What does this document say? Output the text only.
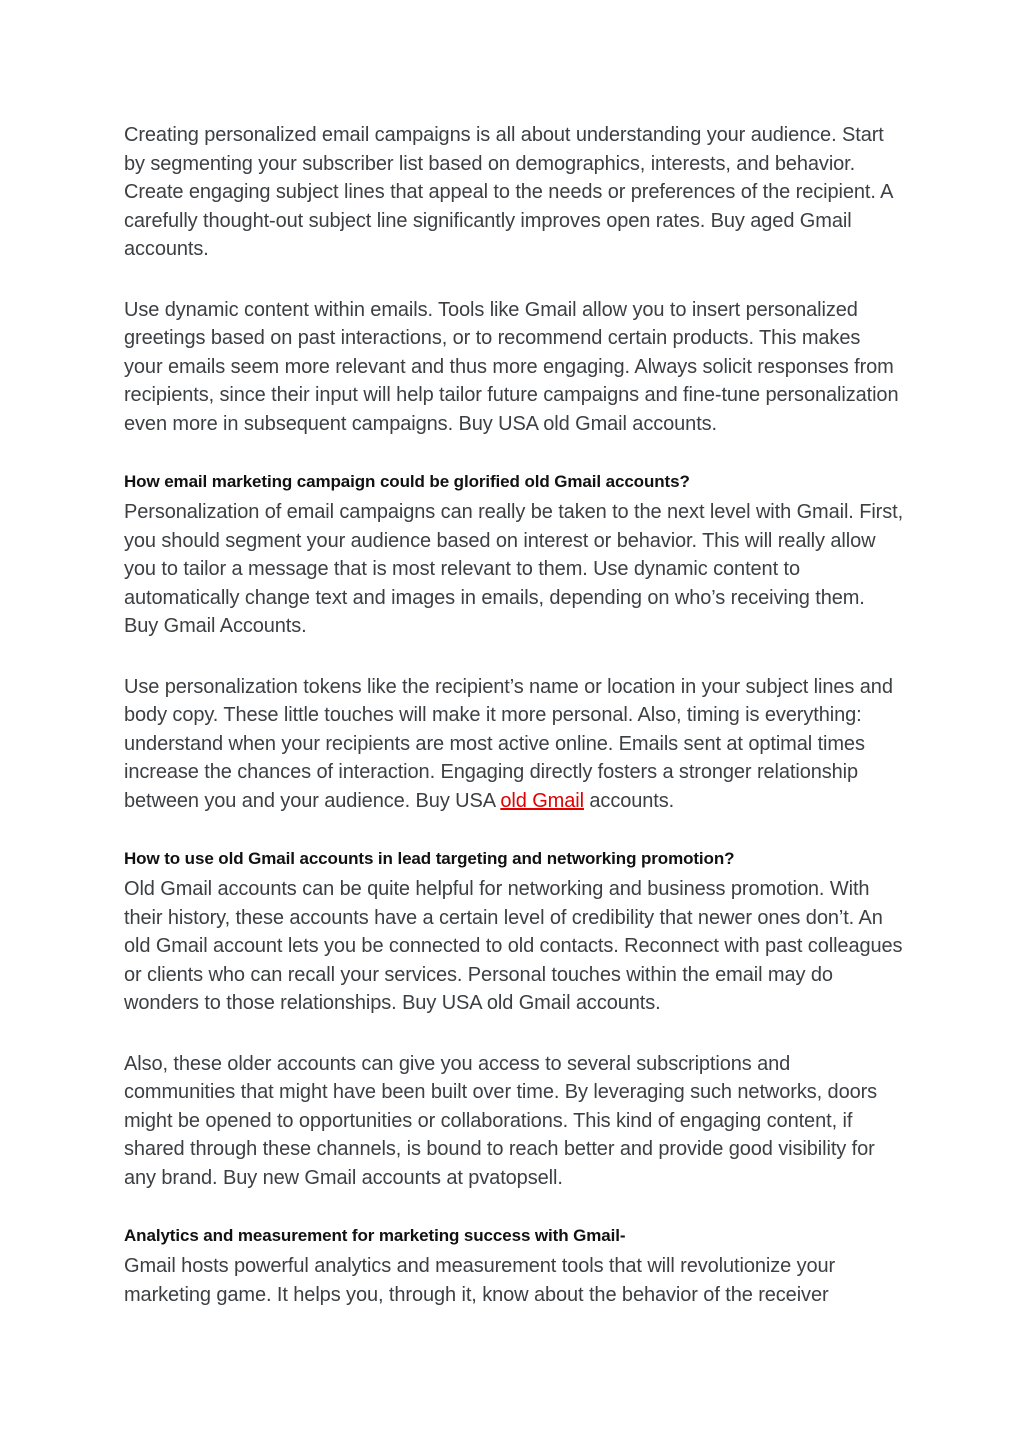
Creating personalized email campaigns is all about understanding your audience. Start by segmenting your subscriber list based on demographics, interests, and behavior. Create engaging subject lines that appeal to the needs or preferences of the recipient. A carefully thought-out subject line significantly improves open rates. Buy aged Gmail accounts.

Use dynamic content within emails. Tools like Gmail allow you to insert personalized greetings based on past interactions, or to recommend certain products. This makes your emails seem more relevant and thus more engaging. Always solicit responses from recipients, since their input will help tailor future campaigns and fine-tune personalization even more in subsequent campaigns. Buy USA old Gmail accounts.

How email marketing campaign could be glorified old Gmail accounts?

Personalization of email campaigns can really be taken to the next level with Gmail. First, you should segment your audience based on interest or behavior. This will really allow you to tailor a message that is most relevant to them. Use dynamic content to automatically change text and images in emails, depending on who’s receiving them. Buy Gmail Accounts.

Use personalization tokens like the recipient’s name or location in your subject lines and body copy. These little touches will make it more personal. Also, timing is everything: understand when your recipients are most active online. Emails sent at optimal times increase the chances of interaction. Engaging directly fosters a stronger relationship between you and your audience. Buy USA old Gmail accounts.

How to use old Gmail accounts in lead targeting and networking promotion?

Old Gmail accounts can be quite helpful for networking and business promotion. With their history, these accounts have a certain level of credibility that newer ones don’t. An old Gmail account lets you be connected to old contacts. Reconnect with past colleagues or clients who can recall your services. Personal touches within the email may do wonders to those relationships. Buy USA old Gmail accounts.

Also, these older accounts can give you access to several subscriptions and communities that might have been built over time. By leveraging such networks, doors might be opened to opportunities or collaborations. This kind of engaging content, if shared through these channels, is bound to reach better and provide good visibility for any brand. Buy new Gmail accounts at pvatopsell.

Analytics and measurement for marketing success with Gmail-

Gmail hosts powerful analytics and measurement tools that will revolutionize your marketing game. It helps you, through it, know about the behavior of the receiver
